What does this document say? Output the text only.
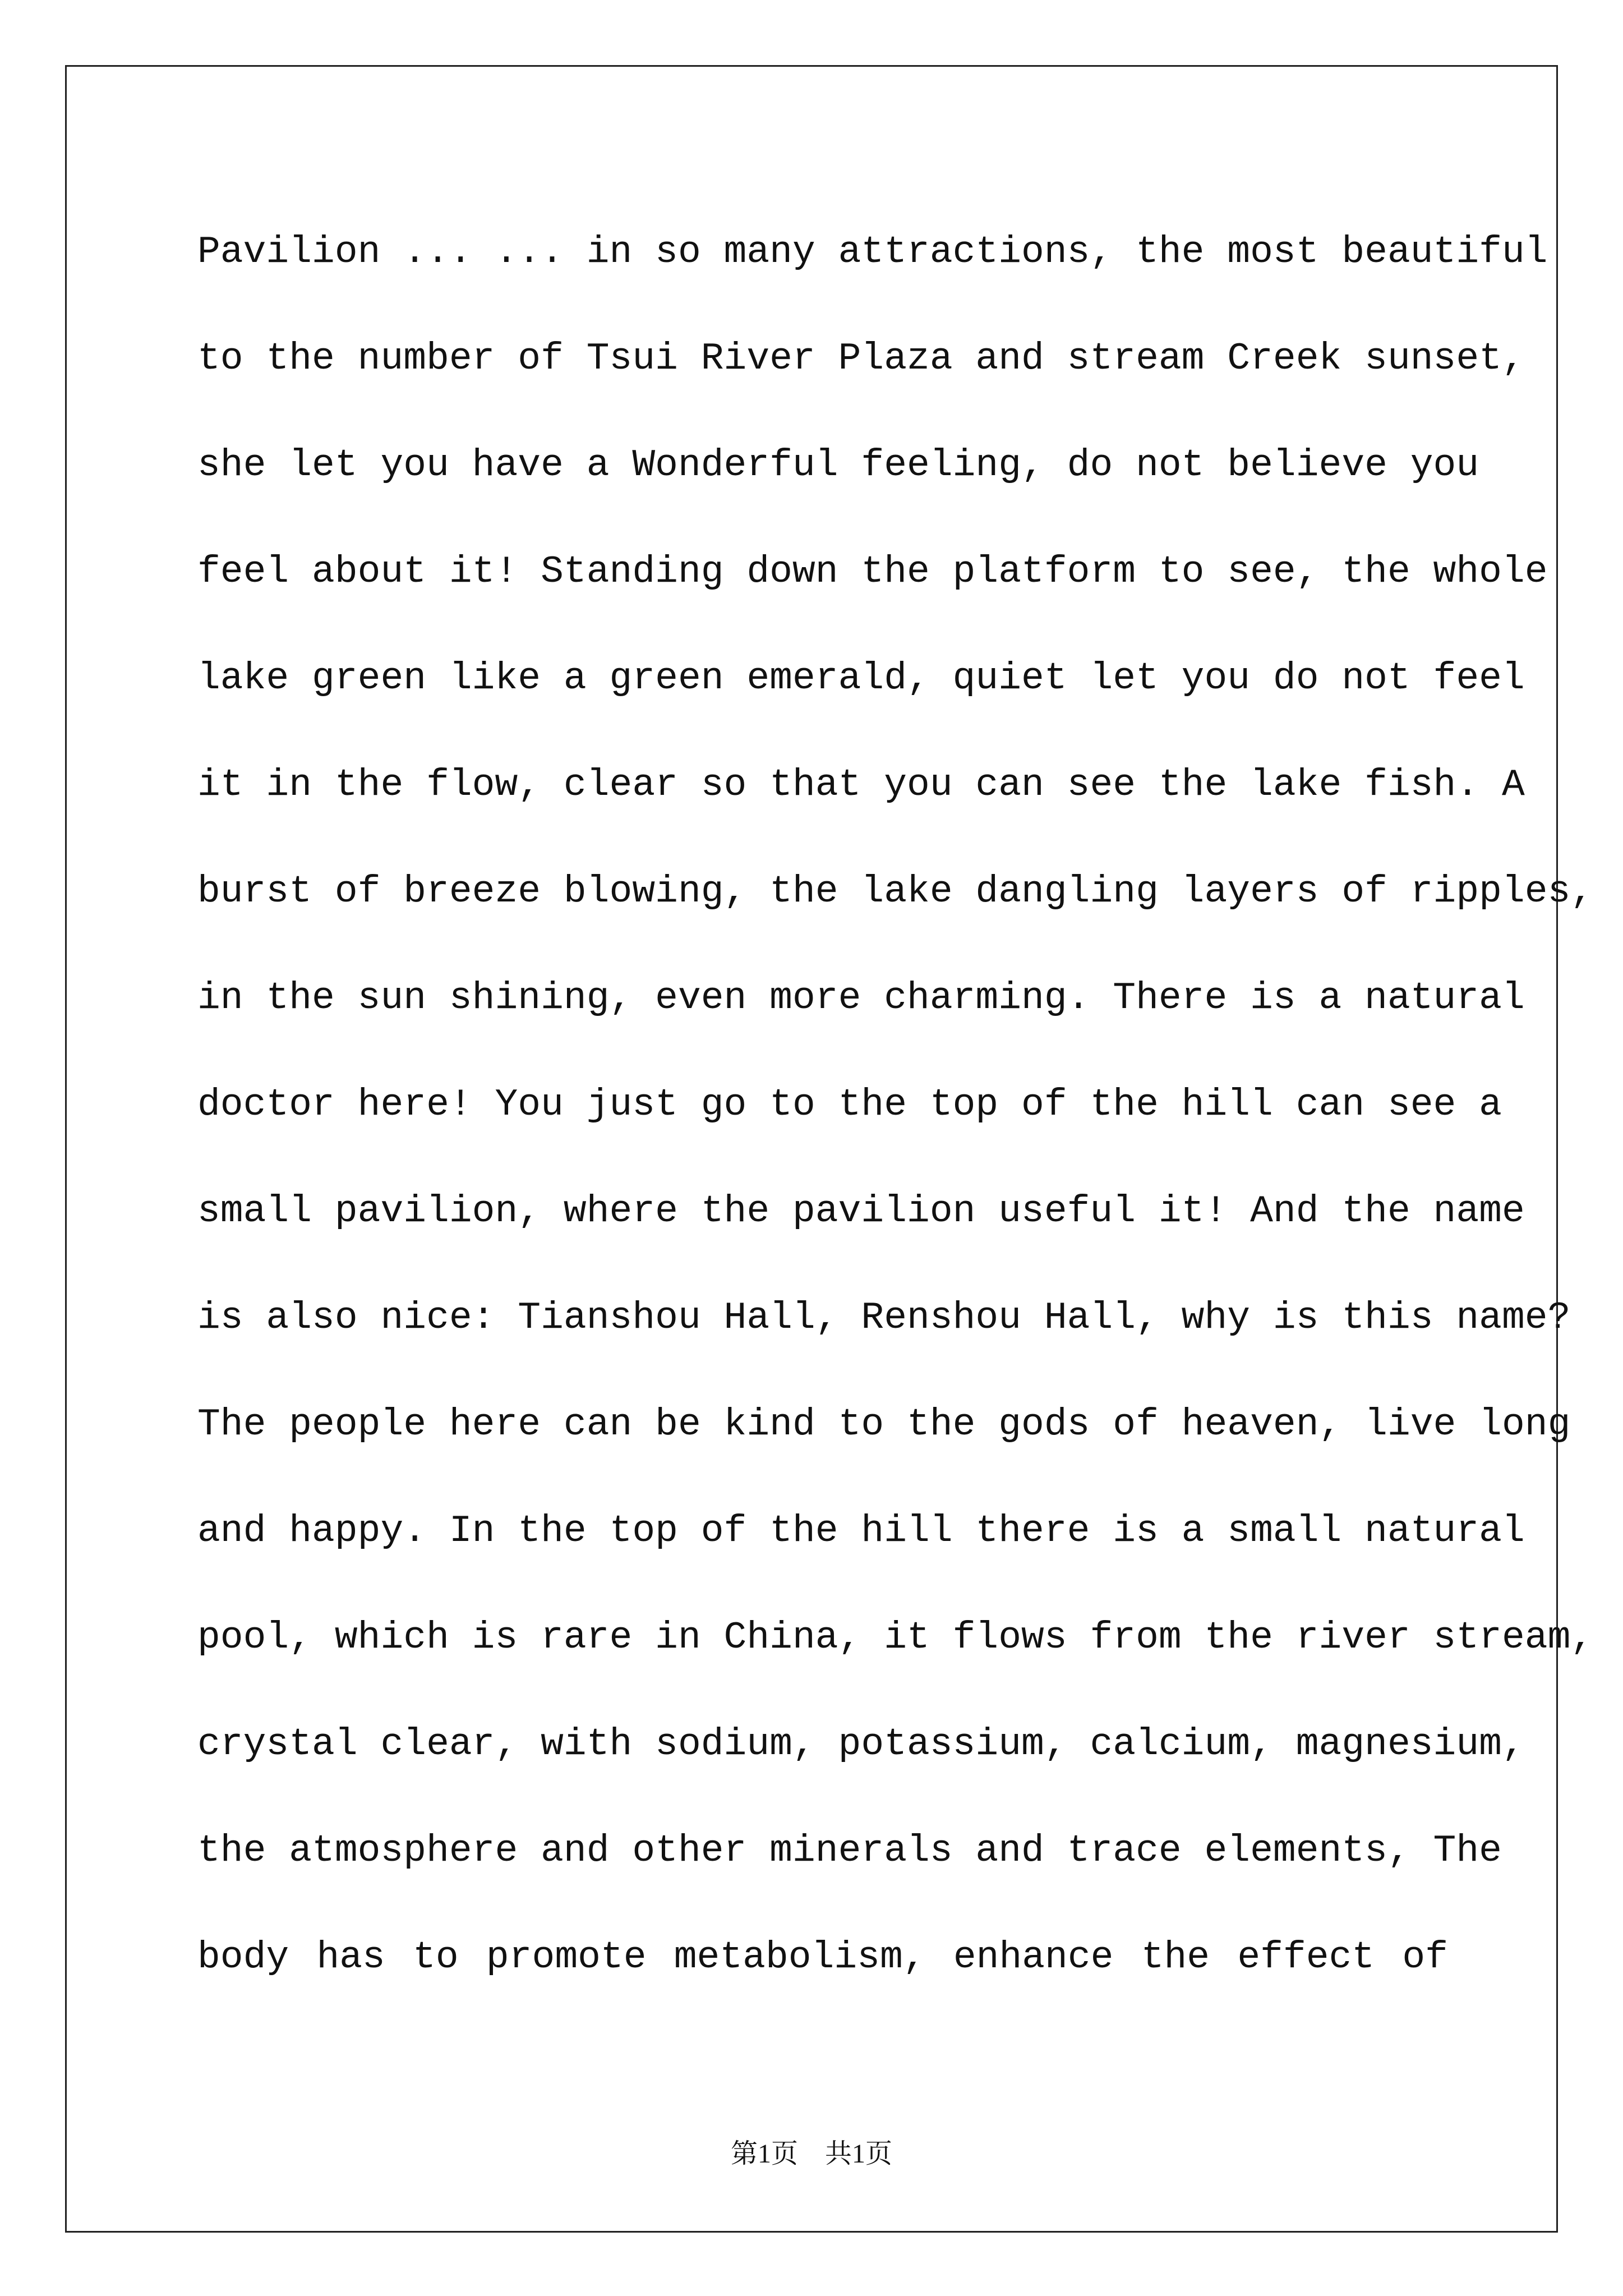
Pavilion ... ... in so many attractions, the most beautiful
to the number of Tsui River Plaza and stream Creek sunset,
she let you have a Wonderful feeling, do not believe you
feel about it! Standing down the platform to see, the whole
lake green like a green emerald, quiet let you do not feel
it in the flow, clear so that you can see the lake fish. A
burst of breeze blowing, the lake dangling layers of ripples,
in the sun shining, even more charming. There is a natural
doctor here! You just go to the top of the hill can see a
small pavilion, where the pavilion useful it! And the name
is also nice: Tianshou Hall, Renshou Hall, why is this name?
The people here can be kind to the gods of heaven, live long
and happy. In the top of the hill there is a small natural
pool, which is rare in China, it flows from the river stream,
crystal clear, with sodium, potassium, calcium, magnesium,
the atmosphere and other minerals and trace elements, The
body has to promote metabolism, enhance the effect of
第1页　共1页
